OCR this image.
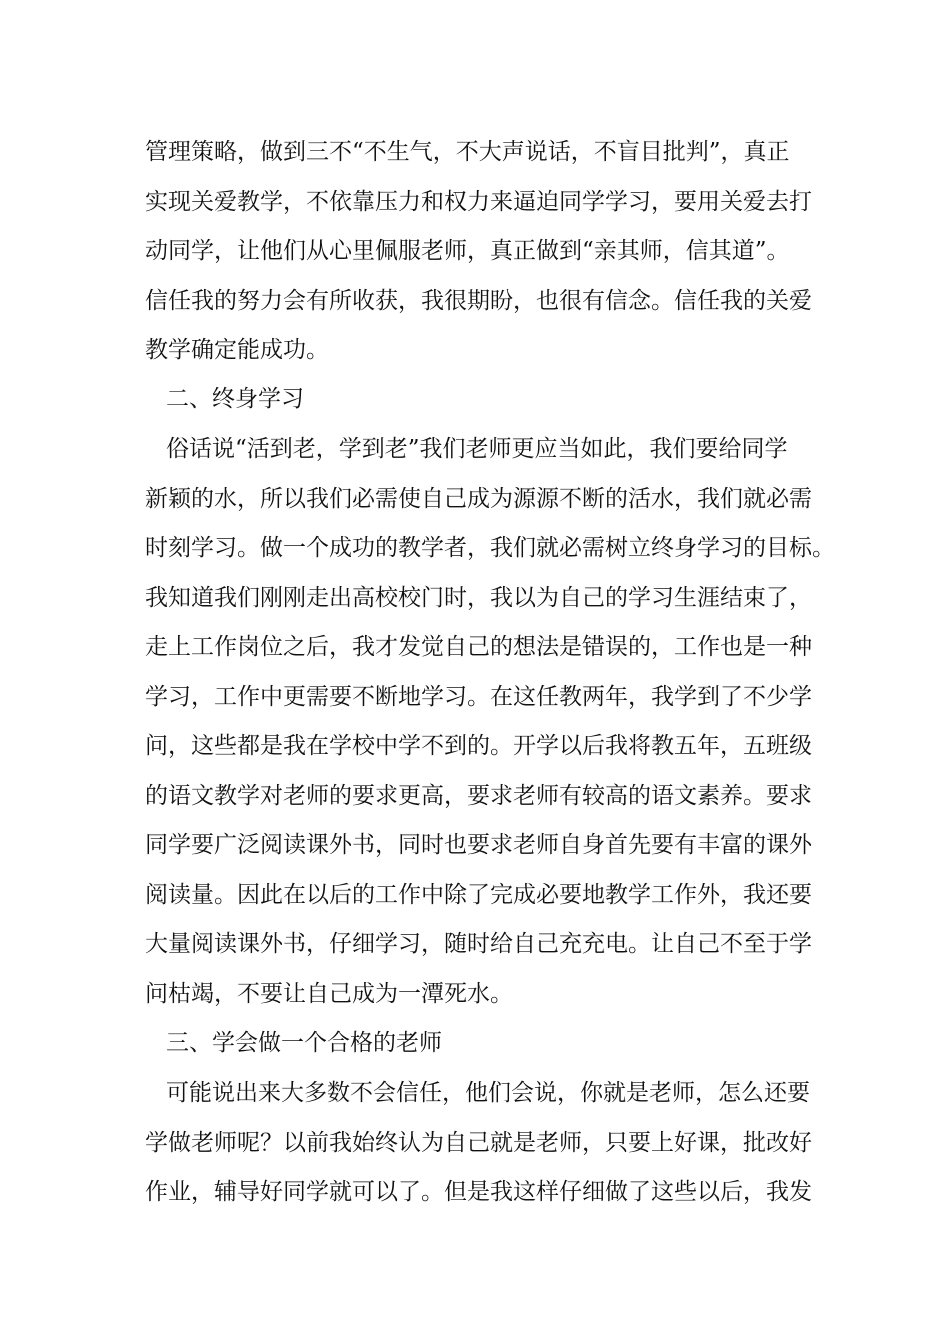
管理策略，做到三不“不生气，不大声说话，不盲目批判”，真正
实现关爱教学，不依靠压力和权力来逼迫同学学习，要用关爱去打
动同学，让他们从心里佩服老师，真正做到“亲其师，信其道”。
信任我的努力会有所收获，我很期盼，也很有信念。信任我的关爱
教学确定能成功。
二、终身学习
俗话说“活到老，学到老”我们老师更应当如此，我们要给同学
新颖的水，所以我们必需使自己成为源源不断的活水，我们就必需
时刻学习。做一个成功的教学者，我们就必需树立终身学习的目标。
我知道我们刚刚走出高校校门时，我以为自己的学习生涯结束了，
走上工作岗位之后，我才发觉自己的想法是错误的，工作也是一种
学习，工作中更需要不断地学习。在这任教两年，我学到了不少学
问，这些都是我在学校中学不到的。开学以后我将教五年，五班级
的语文教学对老师的要求更高，要求老师有较高的语文素养。要求
同学要广泛阅读课外书，同时也要求老师自身首先要有丰富的课外
阅读量。因此在以后的工作中除了完成必要地教学工作外，我还要
大量阅读课外书，仔细学习，随时给自己充充电。让自己不至于学
问枯竭，不要让自己成为一潭死水。
三、学会做一个合格的老师
可能说出来大多数不会信任，他们会说，你就是老师，怎么还要
学做老师呢？以前我始终认为自己就是老师，只要上好课，批改好
作业，辅导好同学就可以了。但是我这样仔细做了这些以后，我发
